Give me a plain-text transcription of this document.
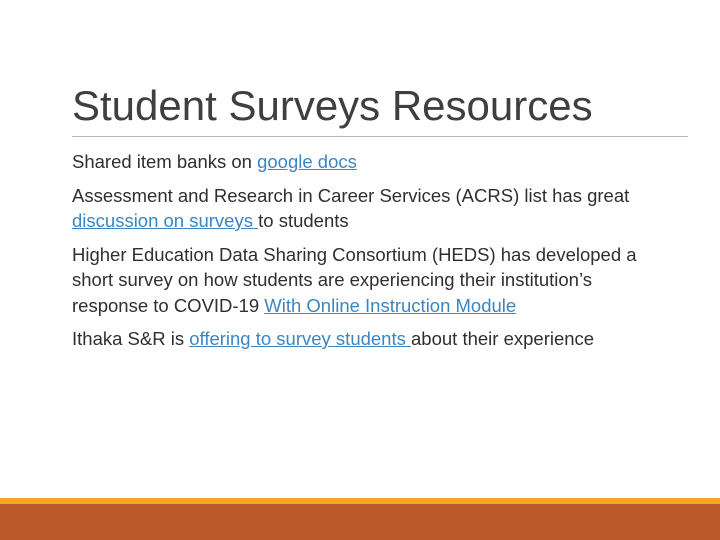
Student Surveys Resources

Shared item banks on google docs

Assessment and Research in Career Services (ACRS) list has great discussion on surveys to students

Higher Education Data Sharing Consortium (HEDS) has developed a short survey on how students are experiencing their institution’s response to COVID-19 With Online Instruction Module

Ithaka S&R is offering to survey students about their experience
